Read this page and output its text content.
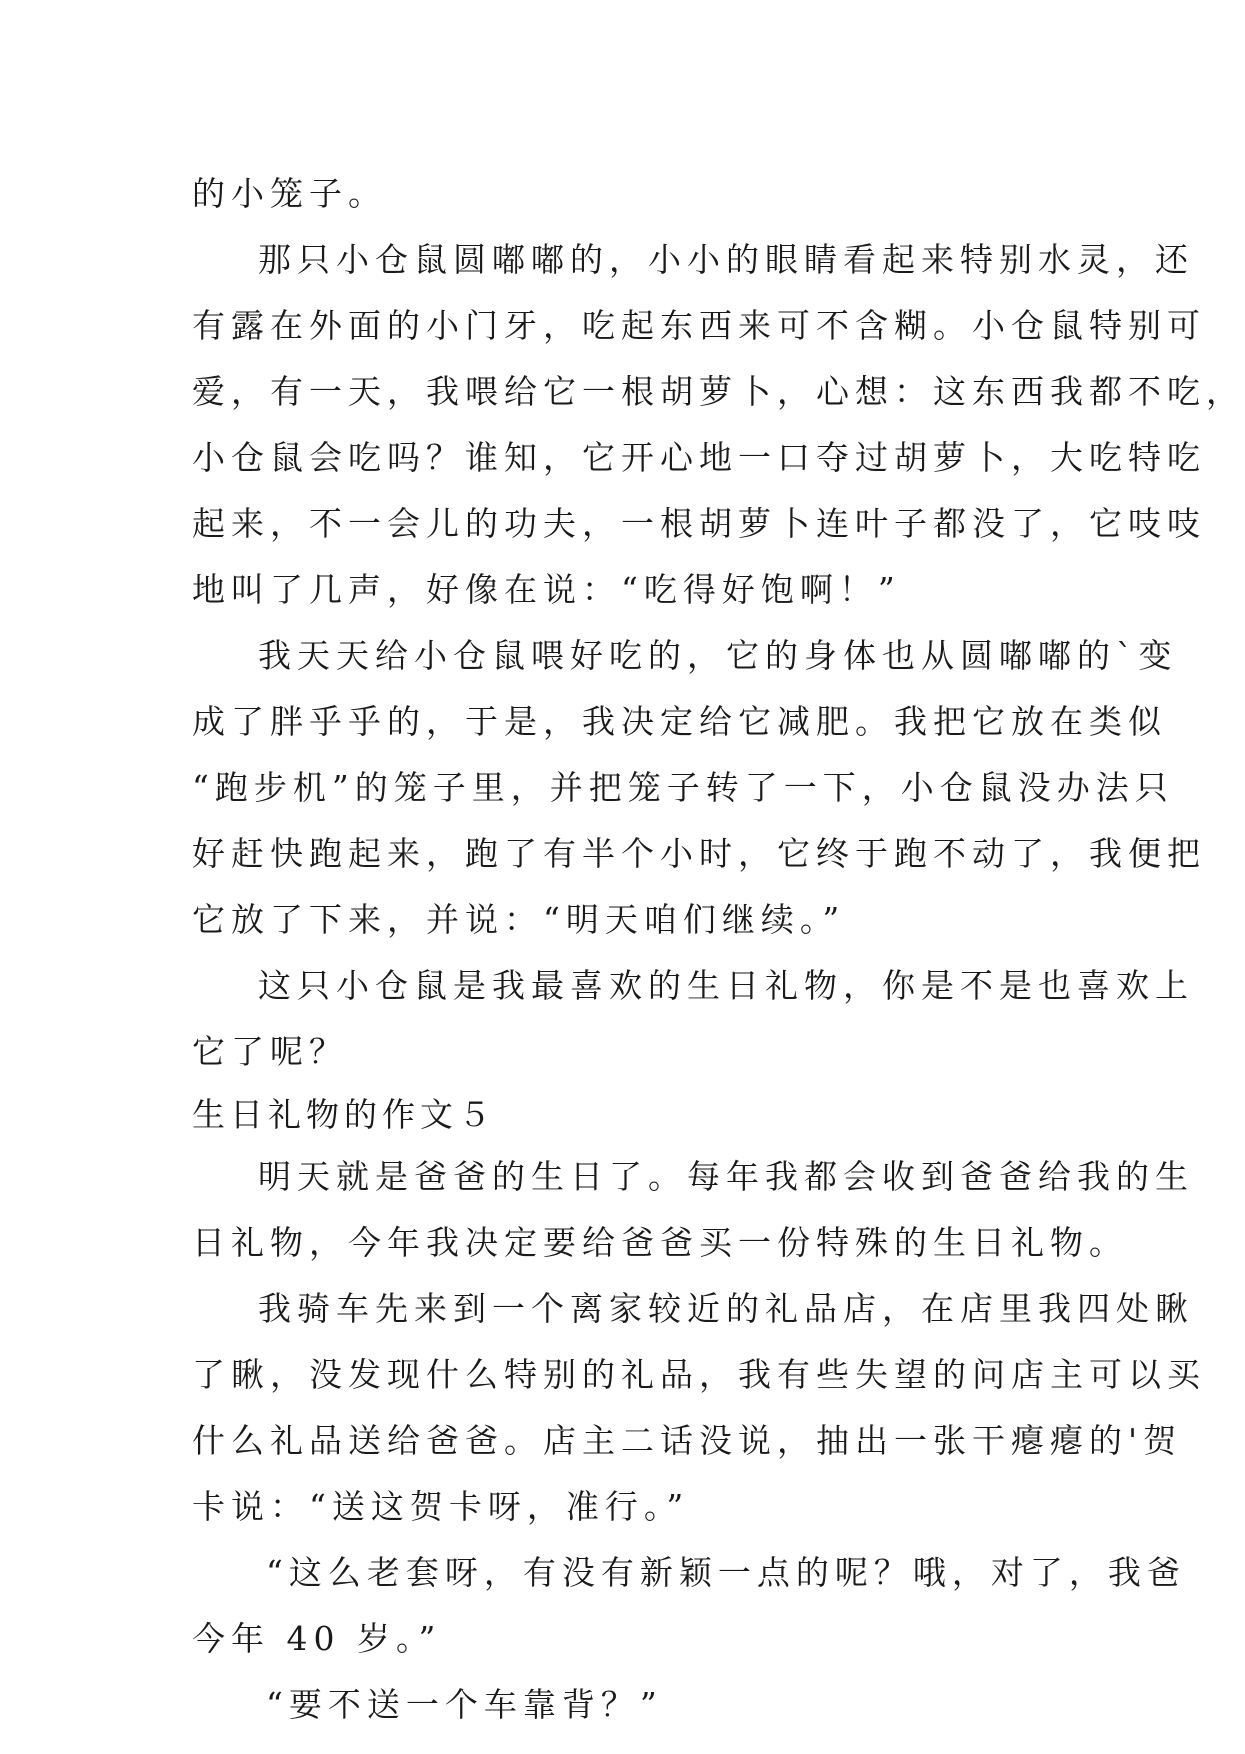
的小笼子。
那只小仓鼠圆嘟嘟的，小小的眼睛看起来特别水灵，还
有露在外面的小门牙，吃起东西来可不含糊。小仓鼠特别可
爱，有一天，我喂给它一根胡萝卜，心想：这东西我都不吃，
小仓鼠会吃吗？谁知，它开心地一口夺过胡萝卜，大吃特吃
起来，不一会儿的功夫，一根胡萝卜连叶子都没了，它吱吱
地叫了几声，好像在说：“吃得好饱啊！”
我天天给小仓鼠喂好吃的，它的身体也从圆嘟嘟的`变
成了胖乎乎的，于是，我决定给它减肥。我把它放在类似
“跑步机”的笼子里，并把笼子转了一下，小仓鼠没办法只
好赶快跑起来，跑了有半个小时，它终于跑不动了，我便把
它放了下来，并说：“明天咱们继续。”
这只小仓鼠是我最喜欢的生日礼物，你是不是也喜欢上
它了呢？
生日礼物的作文５
明天就是爸爸的生日了。每年我都会收到爸爸给我的生
日礼物，今年我决定要给爸爸买一份特殊的生日礼物。
我骑车先来到一个离家较近的礼品店，在店里我四处瞅
了瞅，没发现什么特别的礼品，我有些失望的问店主可以买
什么礼品送给爸爸。店主二话没说，抽出一张干瘪瘪的'贺
卡说：“送这贺卡呀，准行。”
“这么老套呀，有没有新颖一点的呢？哦，对了，我爸
今年 40 岁。”
“要不送一个车靠背？”
